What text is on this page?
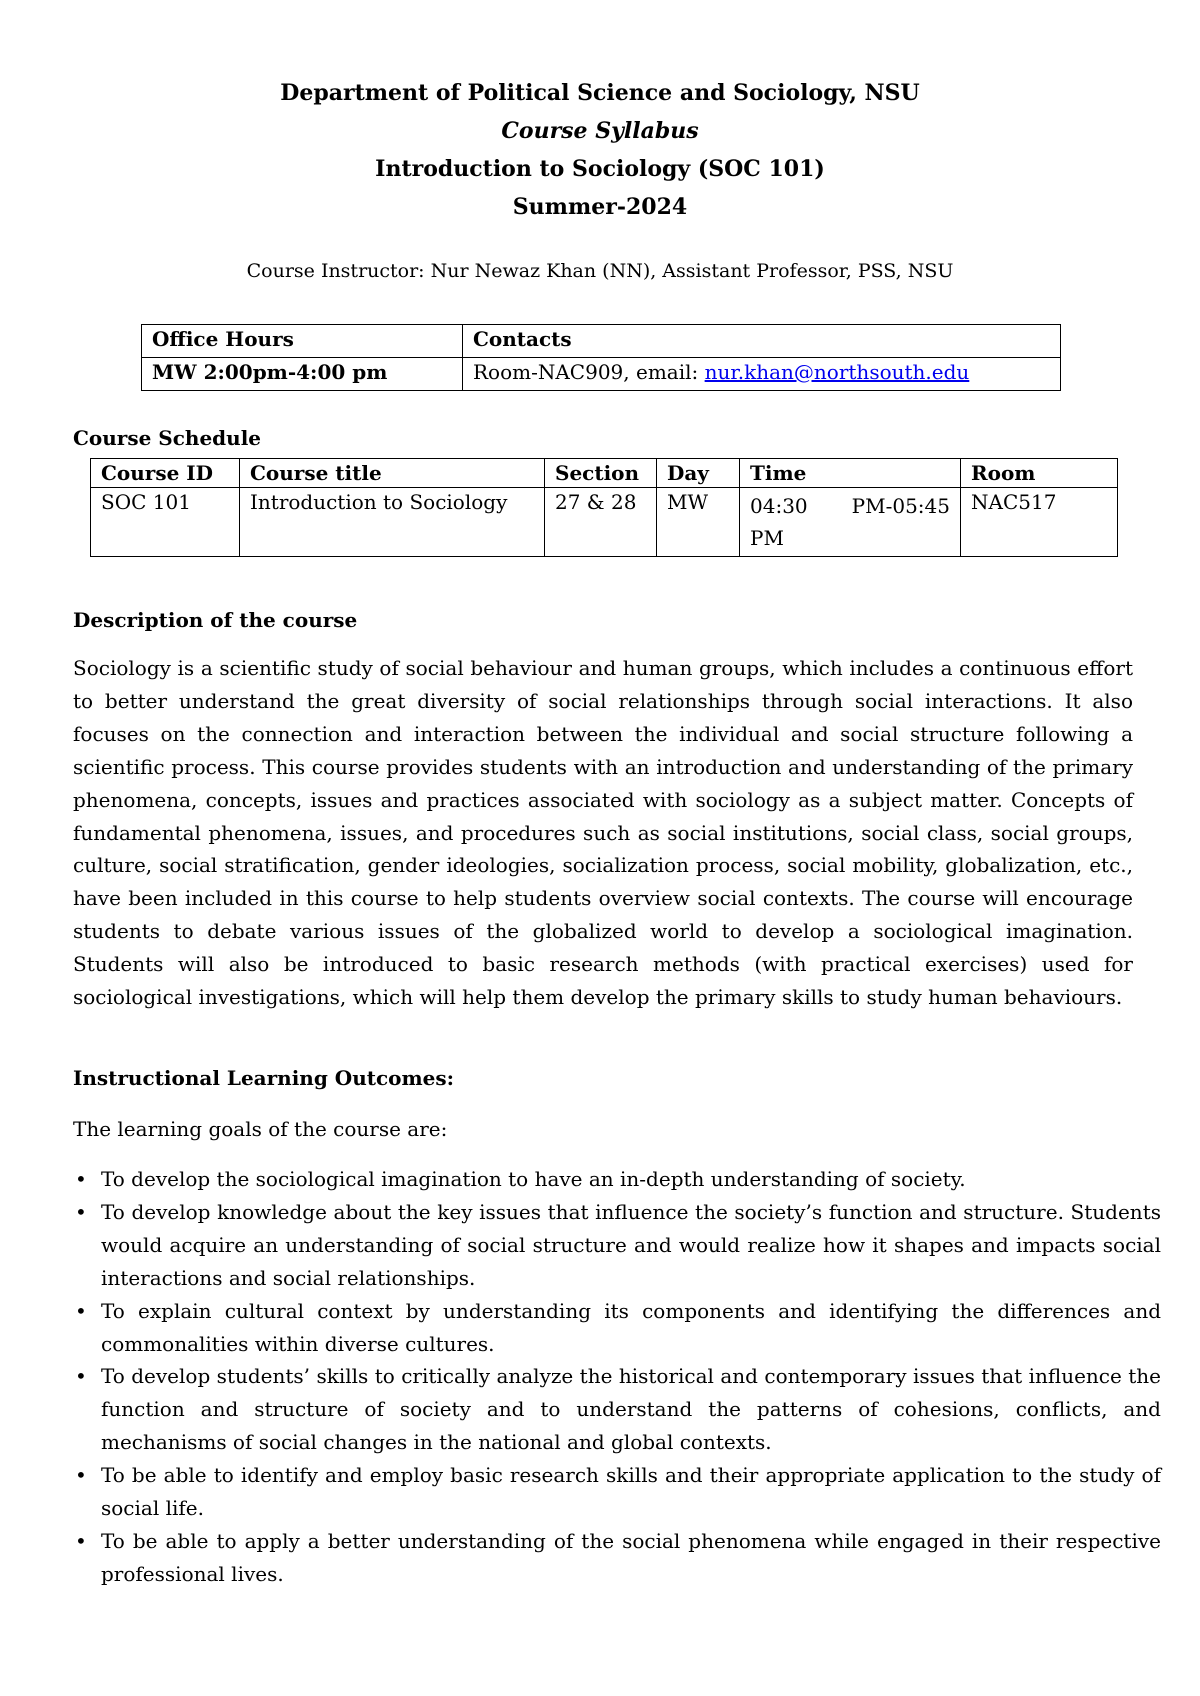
Department of Political Science and Sociology, NSU
Course Syllabus
Introduction to Sociology (SOC 101)
Summer-2024
Course Instructor: Nur Newaz Khan (NN), Assistant Professor, PSS, NSU
Office Hours	Contacts
MW 2:00pm-4:00 pm	Room-NAC909, email: nur.khan@northsouth.edu
Course Schedule
Course ID	Course title	Section	Day	Time	Room
SOC 101	Introduction to Sociology	27 & 28	MW	04:30 PM-05:45 PM	NAC517
Description of the course
Sociology is a scientific study of social behaviour and human groups, which includes a continuous effort to better understand the great diversity of social relationships through social interactions. It also focuses on the connection and interaction between the individual and social structure following a scientific process. This course provides students with an introduction and understanding of the primary phenomena, concepts, issues and practices associated with sociology as a subject matter. Concepts of fundamental phenomena, issues, and procedures such as social institutions, social class, social groups, culture, social stratification, gender ideologies, socialization process, social mobility, globalization, etc., have been included in this course to help students overview social contexts. The course will encourage students to debate various issues of the globalized world to develop a sociological imagination. Students will also be introduced to basic research methods (with practical exercises) used for sociological investigations, which will help them develop the primary skills to study human behaviours.
Instructional Learning Outcomes:
The learning goals of the course are:
• To develop the sociological imagination to have an in-depth understanding of society.
• To develop knowledge about the key issues that influence the society’s function and structure. Students would acquire an understanding of social structure and would realize how it shapes and impacts social interactions and social relationships.
• To explain cultural context by understanding its components and identifying the differences and commonalities within diverse cultures.
• To develop students’ skills to critically analyze the historical and contemporary issues that influence the function and structure of society and to understand the patterns of cohesions, conflicts, and mechanisms of social changes in the national and global contexts.
• To be able to identify and employ basic research skills and their appropriate application to the study of social life.
• To be able to apply a better understanding of the social phenomena while engaged in their respective professional lives.
